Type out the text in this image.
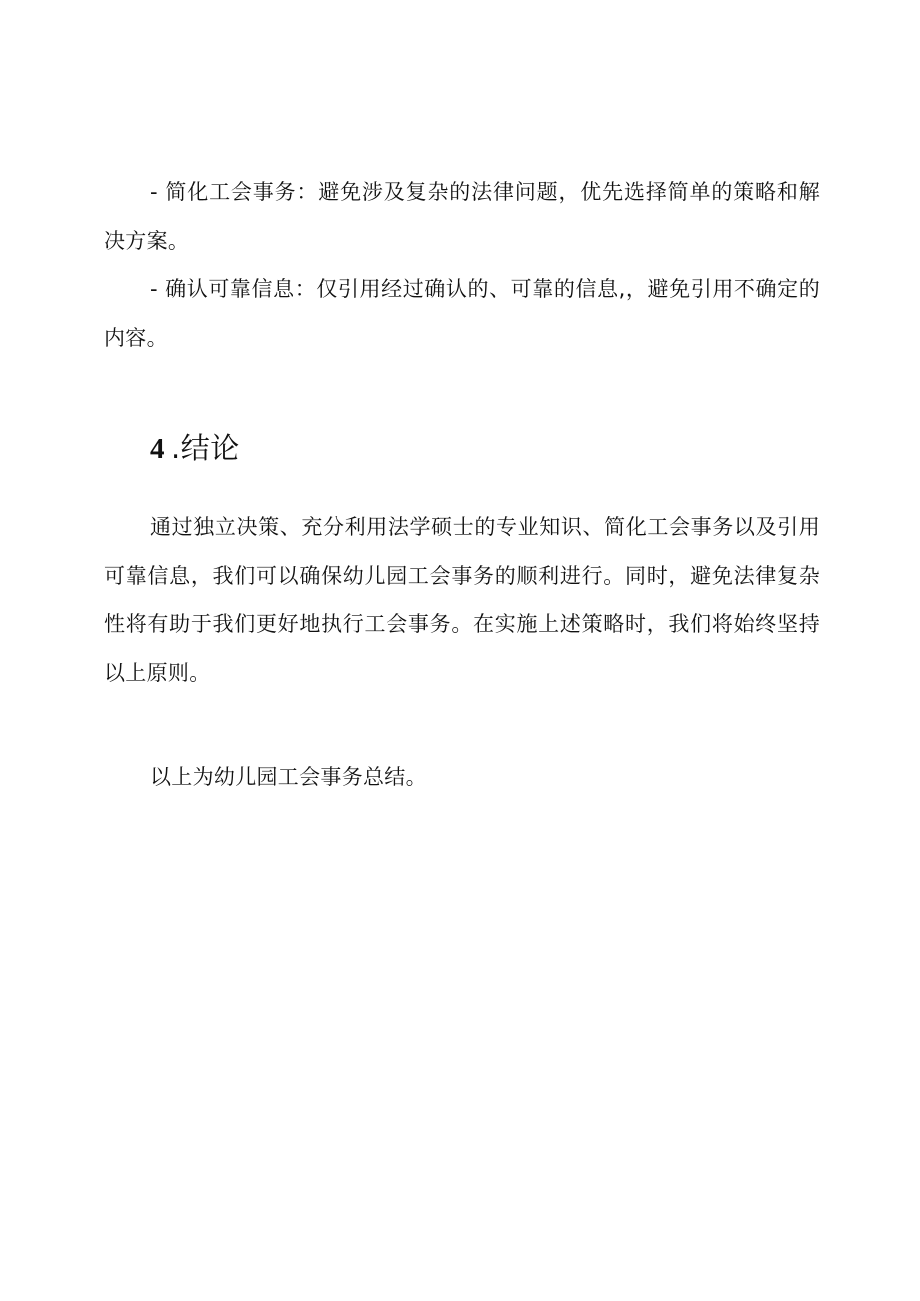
- 简化工会事务：避免涉及复杂的法律问题，优先选择简单的策略和解决方案。

- 确认可靠信息：仅引用经过确认的、可靠的信息,，避免引用不确定的内容。

4 .结论

通过独立决策、充分利用法学硕士的专业知识、简化工会事务以及引用可靠信息，我们可以确保幼儿园工会事务的顺利进行。同时，避免法律复杂性将有助于我们更好地执行工会事务。在实施上述策略时，我们将始终坚持以上原则。

以上为幼儿园工会事务总结。
